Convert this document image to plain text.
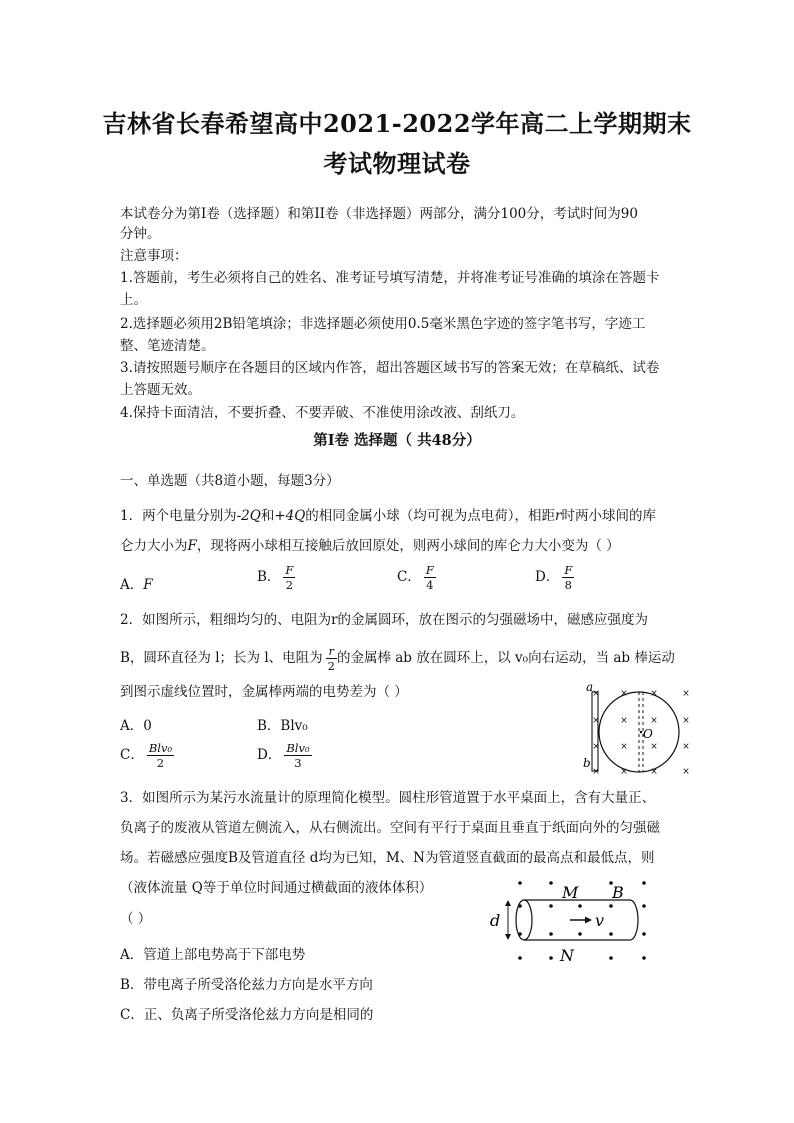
吉林省长春希望高中2021-2022学年高二上学期期末
考试物理试卷
本试卷分为第I卷（选择题）和第II卷（非选择题）两部分，满分100分，考试时间为90
分钟。
注意事项：
1.答题前，考生必须将自己的姓名、准考证号填写清楚，并将准考证号准确的填涂在答题卡
上。
2.选择题必须用2B铅笔填涂；非选择题必须使用0.5毫米黑色字迹的签字笔书写，字迹工
整、笔迹清楚。
3.请按照题号顺序在各题目的区域内作答，超出答题区域书写的答案无效；在草稿纸、试卷
上答题无效。
4.保持卡面清洁，不要折叠、不要弄破、不准使用涂改液、刮纸刀。
第I卷 选择题（ 共48分）
一、单选题（共8道小题，每题3分）
1．两个电量分别为-2Q和+4Q的相同金属小球（均可视为点电荷），相距r时两小球间的库
仑力大小为F，现将两小球相互接触后放回原处，则两小球间的库仑力大小变为（ ）
A．F	B． $\frac{F}{2}$	C． $\frac{F}{4}$	D． $\frac{F}{8}$
2．如图所示，粗细均匀的、电阻为r的金属圆环，放在图示的匀强磁场中，磁感应强度为
B，圆环直径为 l；长为 l、电阻为 $\frac{r}{2}$ 的金属棒 ab 放在圆环上，以 v₀向右运动，当 ab 棒运动
到图示虚线位置时，金属棒两端的电势差为（ ）
A．0	B．Blv₀
C． $\frac{\text{Blv₀}}{2}$	D． $\frac{\text{Blv₀}}{3}$
× × ×	×
× × ×	×
× × ×	×
× × ×	×
a
b
O
3．如图所示为某污水流量计的原理简化模型。圆柱形管道置于水平桌面上，含有大量正、
负离子的废液从管道左侧流入，从右侧流出。空间有平行于桌面且垂直于纸面向外的匀强磁
场。若磁感应强度B及管道直径 d均为已知，M、N为管道竖直截面的最高点和最低点，则
（液体流量 Q等于单位时间通过横截面的液体体积）
（ ）
A．管道上部电势高于下部电势
B．带电离子所受洛伦兹力方向是水平方向
C．正、负离子所受洛伦兹力方向是相同的
M B
d	v
N
